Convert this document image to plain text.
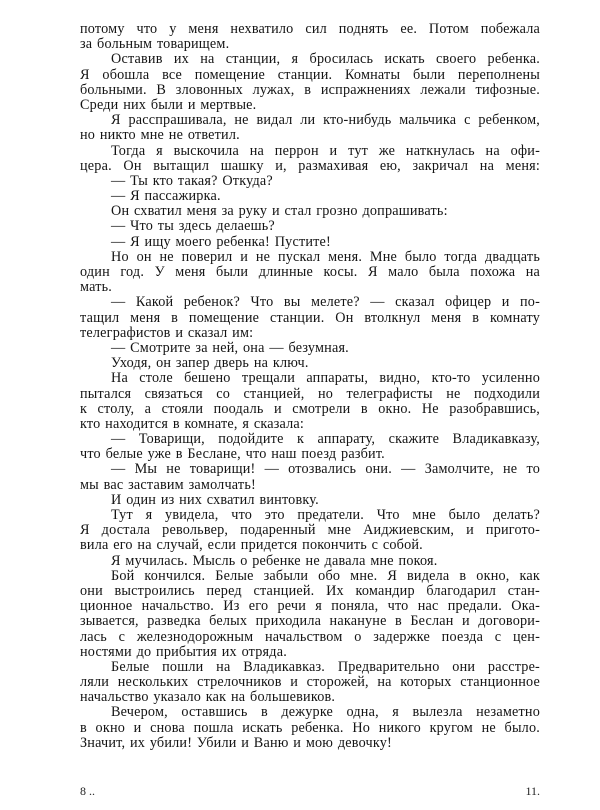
потому что у меня нехватило сил поднять ее. Потом побежала
за больным товарищем.
Оставив их на станции, я бросилась искать своего ребенка.
Я обошла все помещение станции. Комнаты были переполнены
больными. В зловонных лужах, в испражнениях лежали тифозные.
Среди них были и мертвые.
Я расспрашивала, не видал ли кто-нибудь мальчика с ребенком,
но никто мне не ответил.
Тогда я выскочила на перрон и тут же наткнулась на офи-
цера. Он вытащил шашку и, размахивая ею, закричал на меня:
— Ты кто такая? Откуда?
— Я пассажирка.
Он схватил меня за руку и стал грозно допрашивать:
— Что ты здесь делаешь?
— Я ищу моего ребенка! Пустите!
Но он не поверил и не пускал меня. Мне было тогда двадцать
один год. У меня были длинные косы. Я мало была похожа на
мать.
— Какой ребенок? Что вы мелете? — сказал офицер и по-
тащил меня в помещение станции. Он втолкнул меня в комнату
телеграфистов и сказал им:
— Смотрите за ней, она — безумная.
Уходя, он запер дверь на ключ.
На столе бешено трещали аппараты, видно, кто-то усиленно
пытался связаться со станцией, но телеграфисты не подходили
к столу, а стояли поодаль и смотрели в окно. Не разобравшись,
кто находится в комнате, я сказала:
— Товарищи, подойдите к аппарату, скажите Владикавказу,
что белые уже в Беслане, что наш поезд разбит.
— Мы не товарищи! — отозвались они. — Замолчите, не то
мы вас заставим замолчать!
И один из них схватил винтовку.
Тут я увидела, что это предатели. Что мне было делать?
Я достала револьвер, подаренный мне Аиджиевским, и пригото-
вила его на случай, если придется покончить с собой.
Я мучилась. Мысль о ребенке не давала мне покоя.
Бой кончился. Белые забыли обо мне. Я видела в окно, как
они выстроились перед станцией. Их командир благодарил стан-
ционное начальство. Из его речи я поняла, что нас предали. Ока-
зывается, разведка белых приходила накануне в Беслан и договори-
лась с железнодорожным начальством о задержке поезда с цен-
ностями до прибытия их отряда.
Белые пошли на Владикавказ. Предварительно они расстре-
ляли нескольких стрелочников и сторожей, на которых станционное
начальство указало как на большевиков.
Вечером, оставшись в дежурке одна, я вылезла незаметно
в окно и снова пошла искать ребенка. Но никого кругом не было.
Значит, их убили! Убили и Ваню и мою девочку!
8 ..	11.
